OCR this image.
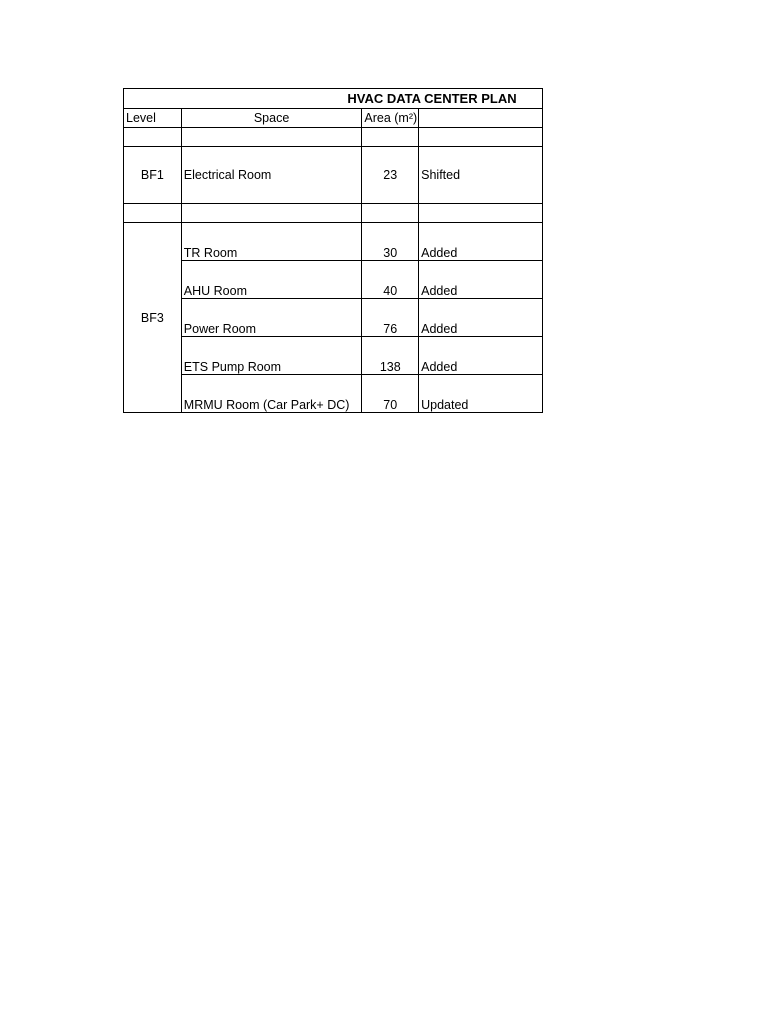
HVAC DATA CENTER PLAN			
Level	Space	Area (m²)	

BF1	Electrical Room	23	Shifted

BF3	TR Room	30	Added
	AHU Room	40	Added
	Power Room	76	Added
	ETS Pump Room	138	Added
	MRMU Room (Car Park+ DC)	70	Updated
